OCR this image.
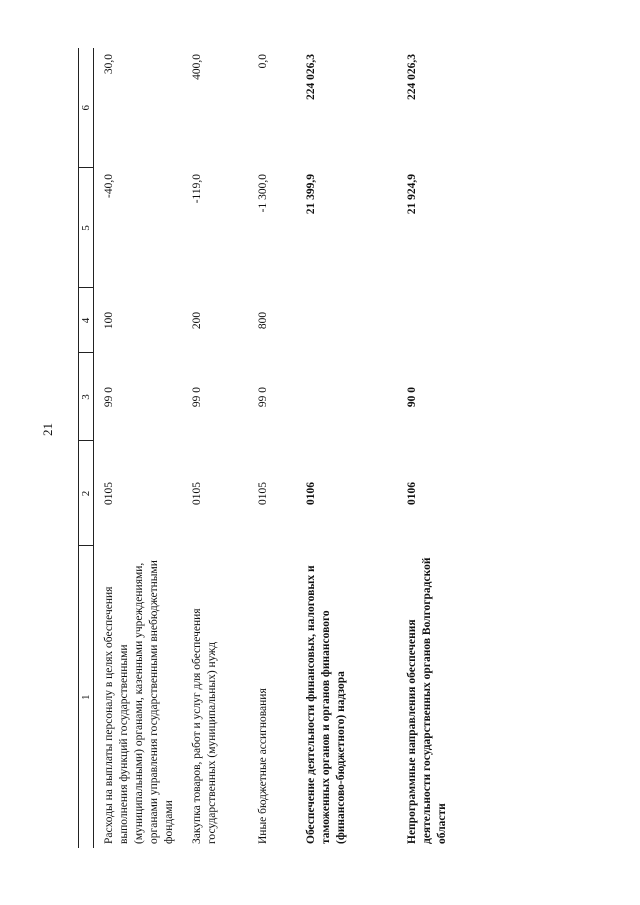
21
1	2	3	4	5	6
Расходы на выплаты персоналу в целях обеспечения выполнения функций государственными (муниципальными) органами, казенными учреждениями, органами управления государственными внебюджетными фондами	0105	99 0	100	-40,0	30,0
Закупка товаров, работ и услуг для обеспечения государственных (муниципальных) нужд	0105	99 0	200	-119,0	400,0
Иные бюджетные ассигнования	0105	99 0	800	-1 300,0	0,0
Обеспечение деятельности финансовых, налоговых и таможенных органов и органов финансового (финансово-бюджетного) надзора	0106			21 399,9	224 026,3
Непрограммные направления обеспечения деятельности государственных органов Волгоградской области	0106	90 0		21 924,9	224 026,3
